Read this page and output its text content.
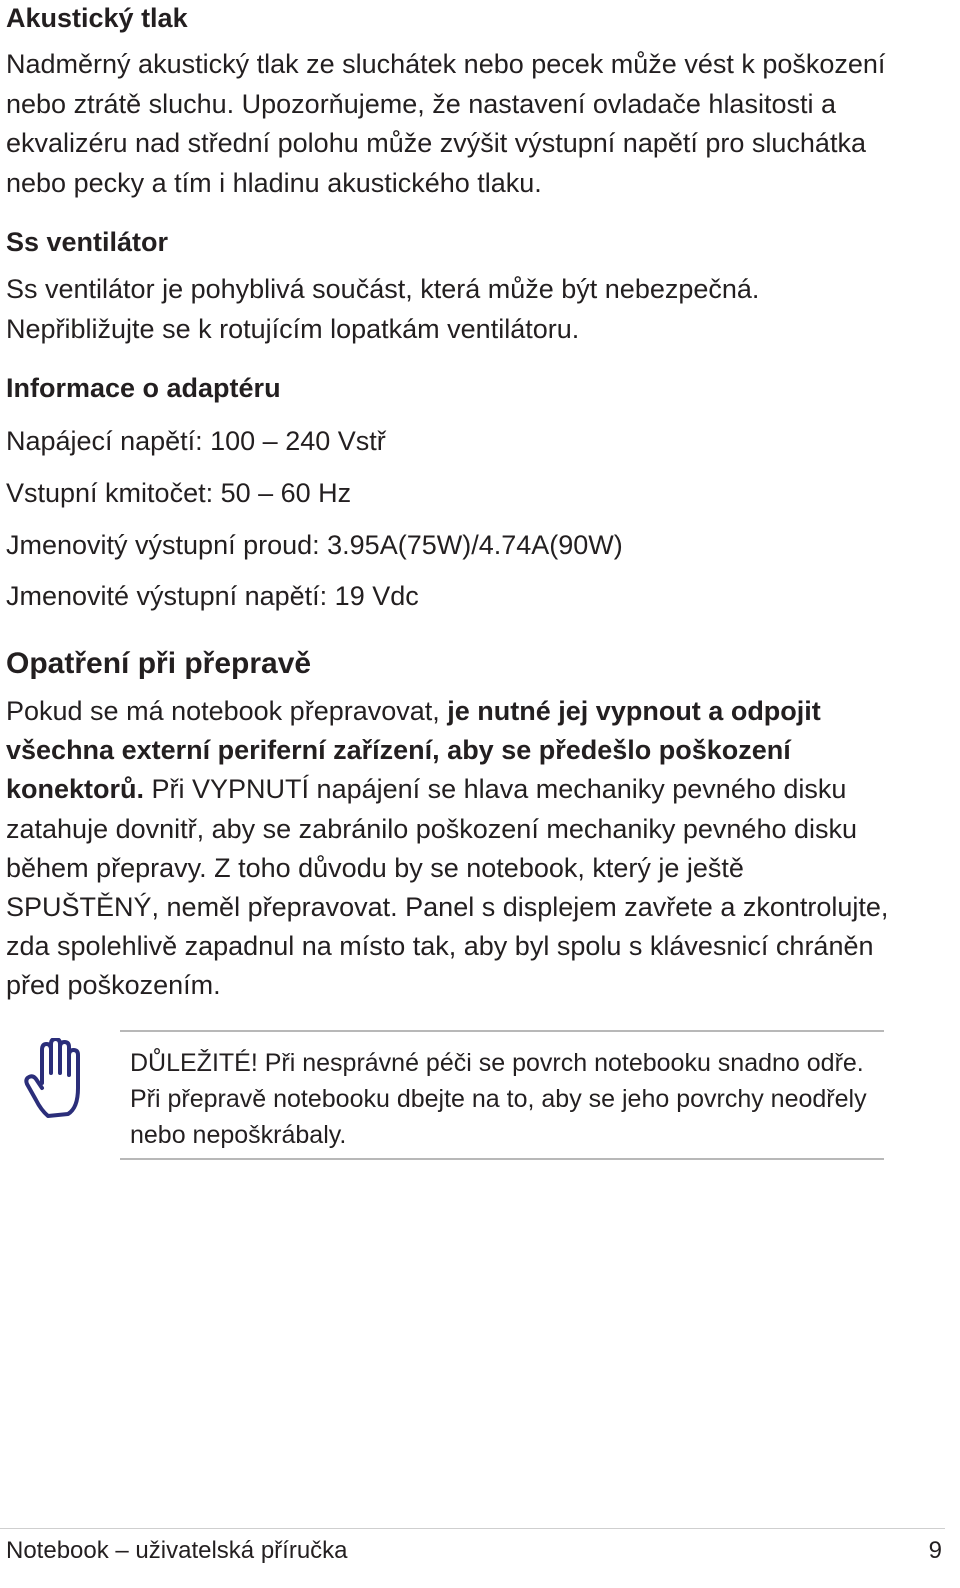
Akustický tlak

Nadměrný akustický tlak ze sluchátek nebo pecek může vést k poškození nebo ztrátě sluchu. Upozorňujeme, že nastavení ovladače hlasitosti a ekvalizéru nad střední polohu může zvýšit výstupní napětí pro sluchátka nebo pecky a tím i hladinu akustického tlaku.

Ss ventilátor

Ss ventilátor je pohyblivá součást, která může být nebezpečná. Nepřibližujte se k rotujícím lopatkám ventilátoru.

Informace o adaptéru

Napájecí napětí: 100 – 240 Vstř

Vstupní kmitočet: 50 – 60 Hz

Jmenovitý výstupní proud: 3.95A(75W)/4.74A(90W)

Jmenovité výstupní napětí: 19 Vdc

Opatření při přepravě

Pokud se má notebook přepravovat, je nutné jej vypnout a odpojit všechna externí periferní zařízení, aby se předešlo poškození konektorů. Při VYPNUTÍ napájení se hlava mechaniky pevného disku zatahuje dovnitř, aby se zabránilo poškození mechaniky pevného disku během přepravy. Z toho důvodu by se notebook, který je ještě SPUŠTĚNÝ, neměl přepravovat. Panel s displejem zavřete a zkontrolujte, zda spolehlivě zapadnul na místo tak, aby byl spolu s klávesnicí chráněn před poškozením.

DŮLEŽITÉ! Při nesprávné péči se povrch notebooku snadno odře.

Při přepravě notebooku dbejte na to, aby se jeho povrchy neodřely nebo nepoškrábaly.

Notebook – uživatelská příručka	9
